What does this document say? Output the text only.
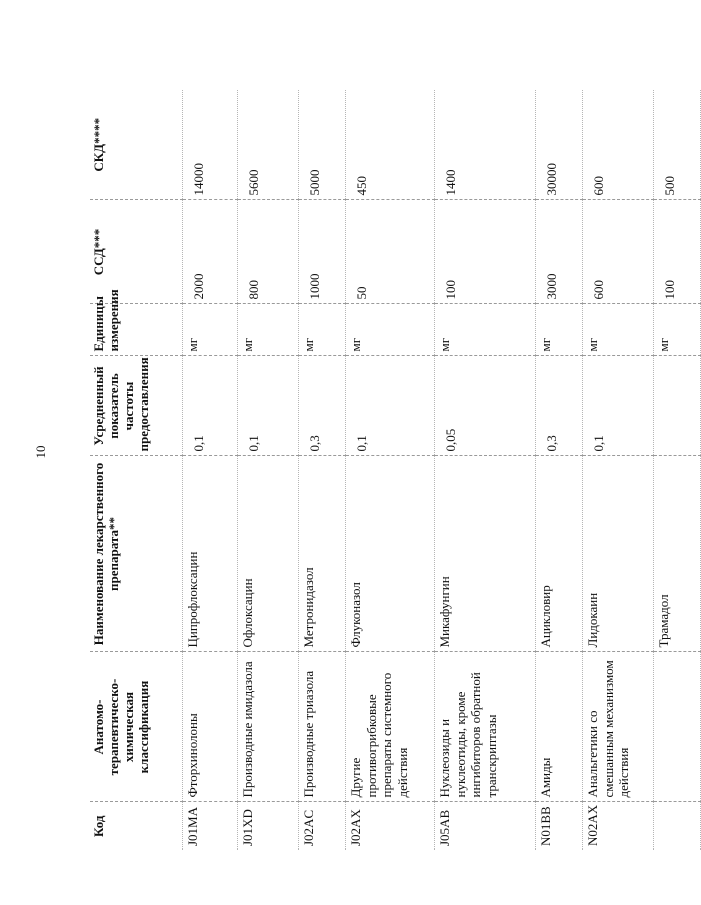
10
Код	Анатомо-терапевтическо-химическая классификация	Наименование лекарственного препарата**	Усредненный показатель частоты предоставления	Единицы измерения	ССД***	СКД****
J01MA	Фторхинолоны	Ципрофлоксацин	0,1	мг	2000	14000
J01XD	Производные имидазола	Офлоксацин	0,1	мг	800	5600
J02AC	Производные триазола	Метронидазол	0,3	мг	1000	5000
J02AX	Другие противогрибковые препараты системного действия	Флуконазол	0,1	мг	50	450
J05AB	Нуклеозиды и нуклеотиды, кроме ингибиторов обратной транскриптазы	Микафунгин	0,05	мг	100	1400
N01BB	Амиды	Ацикловир	0,3	мг	3000	30000
N02AX	Анальгетики со смешанным механизмом действия	Лидокаин	0,1	мг	600	600
		Трамадол		мг	100	500
